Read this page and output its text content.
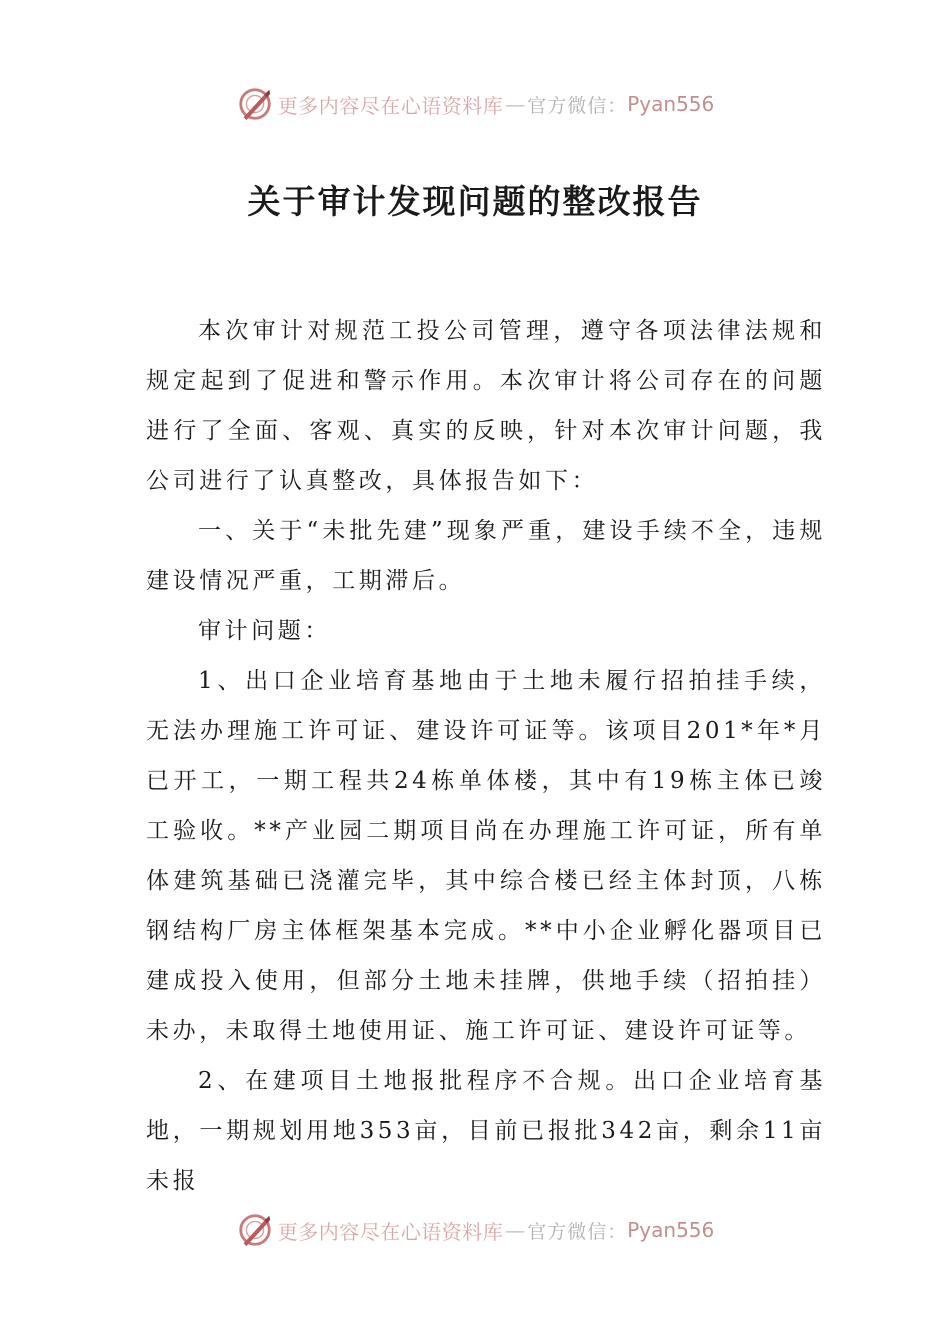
更多内容尽在心语资料库 — 官方微信： Pyan556
关于审计发现问题的整改报告

本次审计对规范工投公司管理，遵守各项法律法规和规定起到了促进和警示作用。本次审计将公司存在的问题进行了全面、客观、真实的反映，针对本次审计问题，我公司进行了认真整改，具体报告如下：

一、关于“未批先建”现象严重，建设手续不全，违规建设情况严重，工期滞后。

审计问题：

1、出口企业培育基地由于土地未履行招拍挂手续，无法办理施工许可证、建设许可证等。该项目201*年*月已开工，一期工程共24栋单体楼，其中有19栋主体已竣工验收。**产业园二期项目尚在办理施工许可证，所有单体建筑基础已浇灌完毕，其中综合楼已经主体封顶，八栋钢结构厂房主体框架基本完成。**中小企业孵化器项目已建成投入使用，但部分土地未挂牌，供地手续（招拍挂）未办，未取得土地使用证、施工许可证、建设许可证等。

2、在建项目土地报批程序不合规。出口企业培育基地，一期规划用地353亩，目前已报批342亩，剩余11亩未报

更多内容尽在心语资料库 — 官方微信： Pyan556
